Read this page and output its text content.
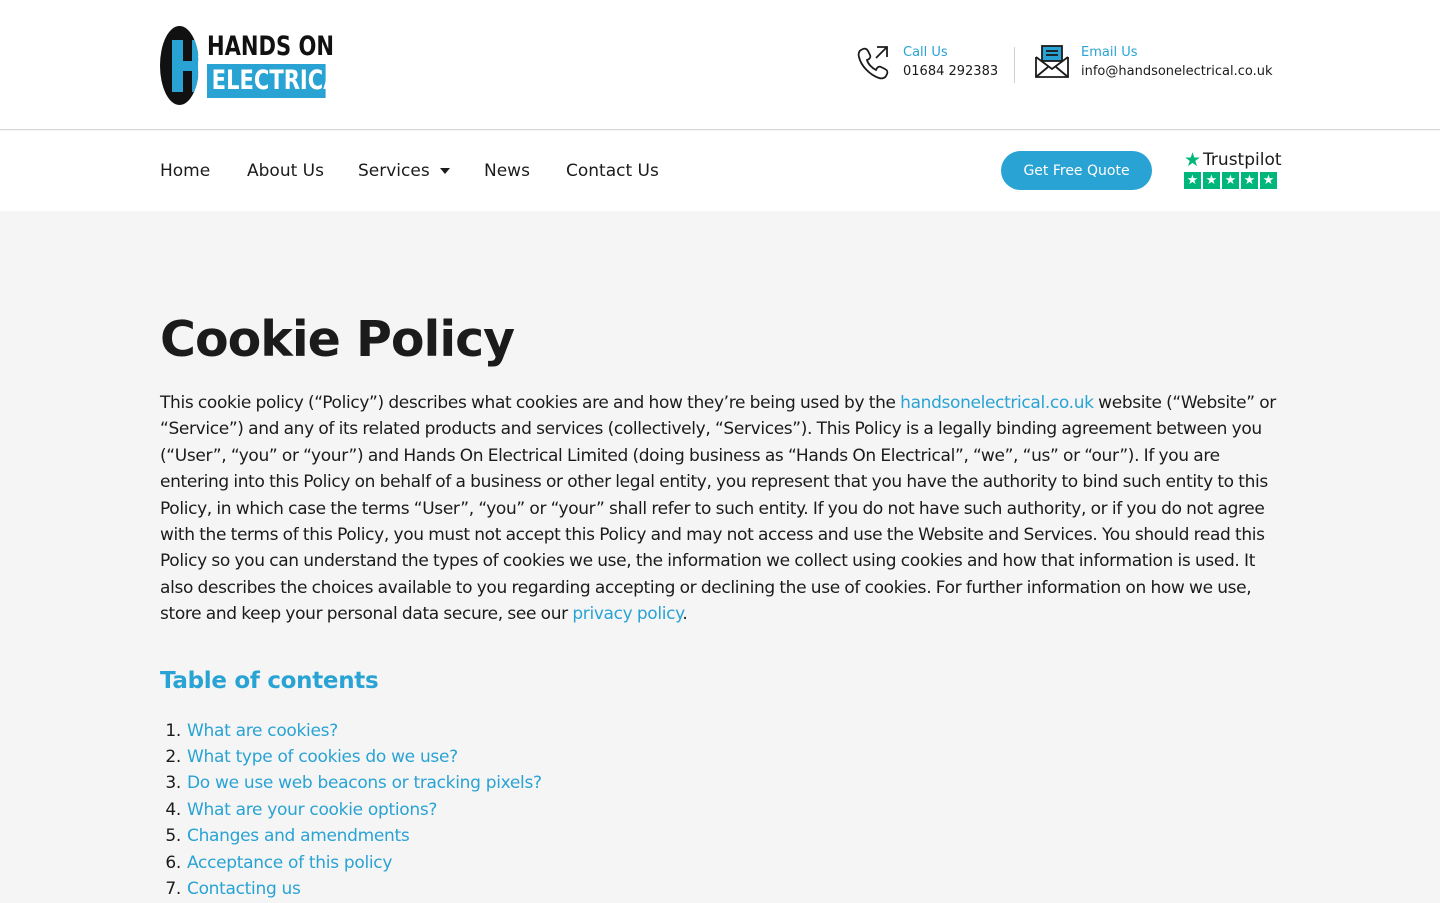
HANDS ON
ELECTRICAL
Call Us
01684 292383
Email Us
info@handsonelectrical.co.uk
Home About Us Services	News Contact Us	Get Free Quote	★ Trustpilot
★ ★ ★ ★ ★
Cookie Policy

This cookie policy (“Policy”) describes what cookies are and how they’re being used by the handsonelectrical.co.uk website (“Website” or “Service”) and any of its related products and services (collectively, “Services”). This Policy is a legally binding agreement between you (“User”, “you” or “your”) and Hands On Electrical Limited (doing business as “Hands On Electrical”, “we”, “us” or “our”). If you are entering into this Policy on behalf of a business or other legal entity, you represent that you have the authority to bind such entity to this Policy, in which case the terms “User”, “you” or “your” shall refer to such entity. If you do not have such authority, or if you do not agree with the terms of this Policy, you must not accept this Policy and may not access and use the Website and Services. You should read this Policy so you can understand the types of cookies we use, the information we collect using cookies and how that information is used. It also describes the choices available to you regarding accepting or declining the use of cookies. For further information on how we use, store and keep your personal data secure, see our privacy policy.

Table of contents
1. What are cookies?
2. What type of cookies do we use?
3. Do we use web beacons or tracking pixels?
4. What are your cookie options?
5. Changes and amendments
6. Acceptance of this policy
7. Contacting us
